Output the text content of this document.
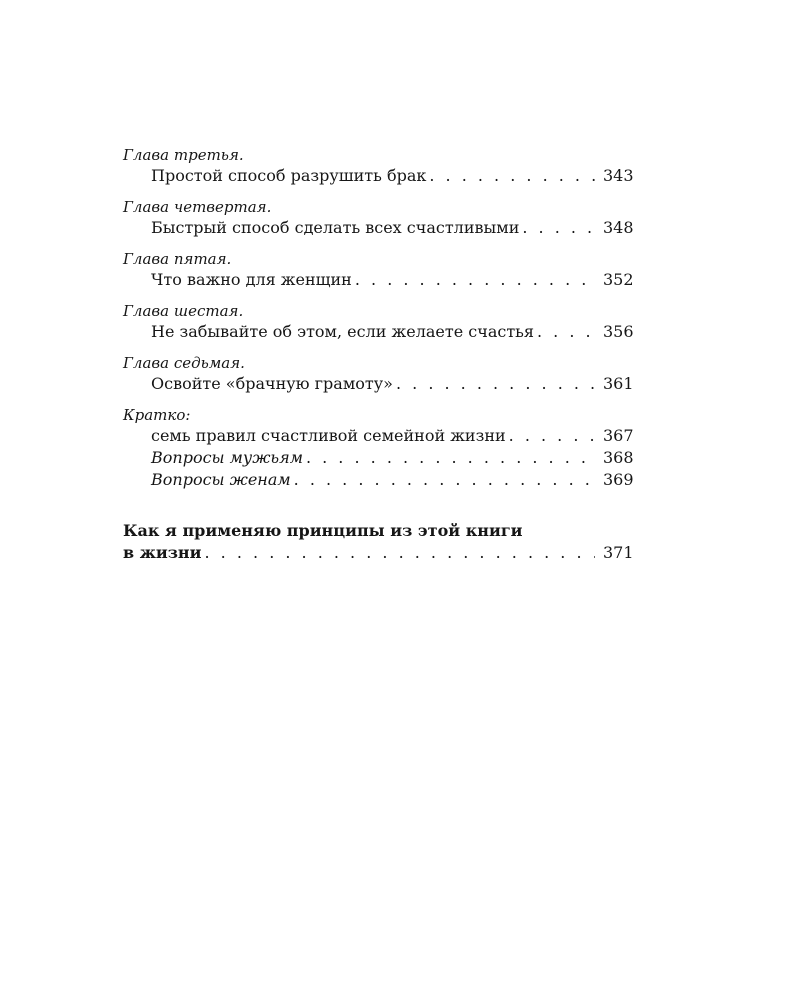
Глава третья.
Простой способ разрушить брак . . .	343
Глава четвертая.
Быстрый способ сделать всех счастливыми . . .	348
Глава пятая.
Что важно для женщин . . .	352
Глава шестая.
Не забывайте об этом, если желаете счастья . . .	356
Глава седьмая.
Освойте «брачную грамоту» . . .	361
Кратко:
семь правил счастливой семейной жизни . . .	367
Вопросы мужьям . . .	368
Вопросы женам . . .	369
Как я применяю принципы из этой книги
в жизни . . .	371
